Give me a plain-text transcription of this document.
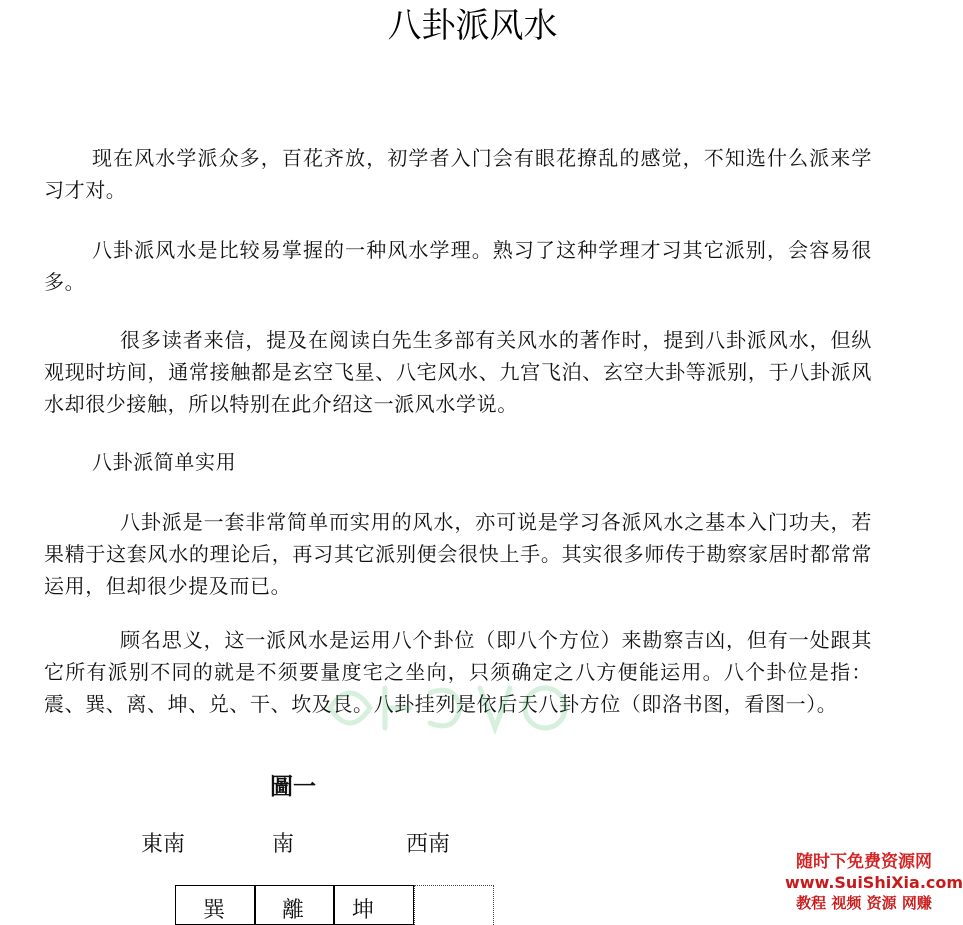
八卦派风水

现在风水学派众多，百花齐放，初学者入门会有眼花撩乱的感觉，不知选什么派来学习才对。

八卦派风水是比较易掌握的一种风水学理。熟习了这种学理才习其它派别，会容易很多。

很多读者来信，提及在阅读白先生多部有关风水的著作时，提到八卦派风水，但纵观现时坊间，通常接触都是玄空飞星、八宅风水、九宫飞泊、玄空大卦等派别，于八卦派风水却很少接触，所以特别在此介绍这一派风水学说。

八卦派简单实用

八卦派是一套非常简单而实用的风水，亦可说是学习各派风水之基本入门功夫，若果精于这套风水的理论后，再习其它派别便会很快上手。其实很多师传于勘察家居时都常常运用，但却很少提及而已。

顾名思义，这一派风水是运用八个卦位（即八个方位）来勘察吉凶，但有一处跟其它所有派别不同的就是不须要量度宅之坐向，只须确定之八方便能运用。八个卦位是指：震、巽、离、坤、兑、干、坎及艮。八卦挂列是依后天八卦方位（即洛书图，看图一）。

圖一
東南	南	西南
巽	離 坤
随时下免费资源网
www.SuiShiXia.com
教程 视频 资源 网赚
